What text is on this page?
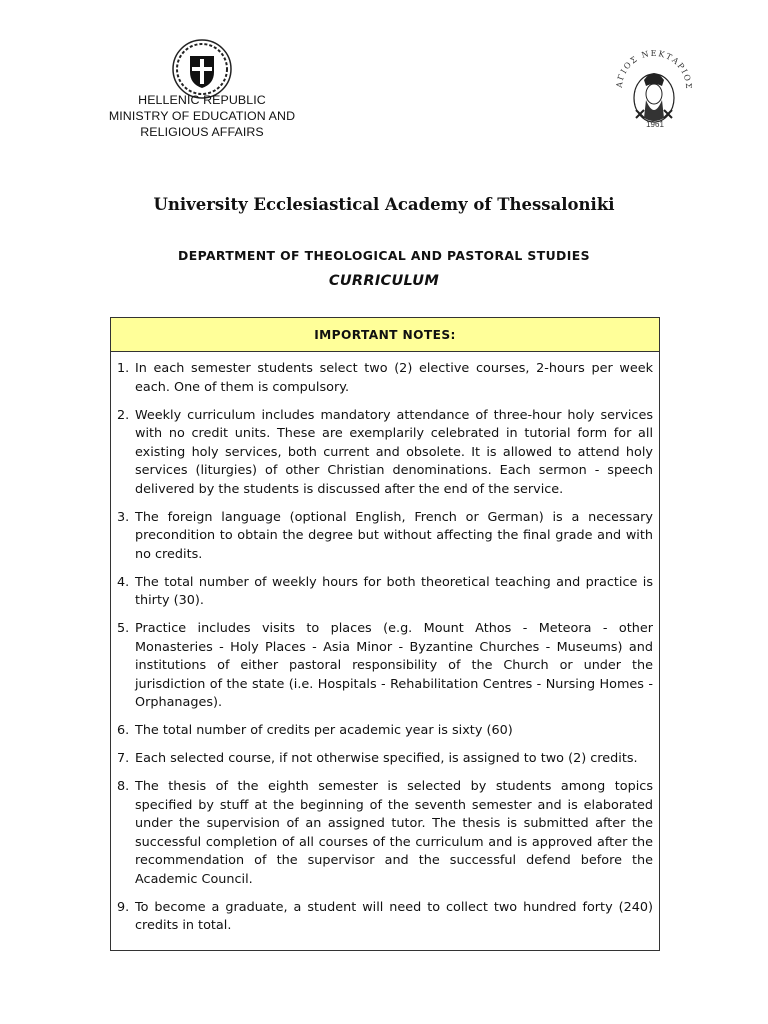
HELLENIC REPUBLIC
MINISTRY OF EDUCATION AND
RELIGIOUS AFFAIRS
ΑΓΙΟΣ ΝΕΚΤΑΡΙΟΣ
1961
University Ecclesiastical Academy of Thessaloniki
DEPARTMENT OF THEOLOGICAL AND PASTORAL STUDIES
CURRICULUM
IMPORTANT NOTES:
1. In each semester students select two (2) elective courses, 2-hours per week each. One of them is compulsory.
2. Weekly curriculum includes mandatory attendance of three-hour holy services with no credit units. These are exemplarily celebrated in tutorial form for all existing holy services, both current and obsolete. It is allowed to attend holy services (liturgies) of other Christian denominations. Each sermon - speech delivered by the students is discussed after the end of the service.
3. The foreign language (optional English, French or German) is a necessary precondition to obtain the degree but without affecting the final grade and with no credits.
4. The total number of weekly hours for both theoretical teaching and practice is thirty (30).
5. Practice includes visits to places (e.g. Mount Athos - Meteora - other Monasteries - Holy Places - Asia Minor - Byzantine Churches - Museums) and institutions of either pastoral responsibility of the Church or under the jurisdiction of the state (i.e. Hospitals - Rehabilitation Centres - Nursing Homes - Orphanages).
6. The total number of credits per academic year is sixty (60)
7. Each selected course, if not otherwise specified, is assigned to two (2) credits.
8. The thesis of the eighth semester is selected by students among topics specified by stuff at the beginning of the seventh semester and is elaborated under the supervision of an assigned tutor. The thesis is submitted after the successful completion of all courses of the curriculum and is approved after the recommendation of the supervisor and the successful defend before the Academic Council.
9. To become a graduate, a student will need to collect two hundred forty (240) credits in total.
